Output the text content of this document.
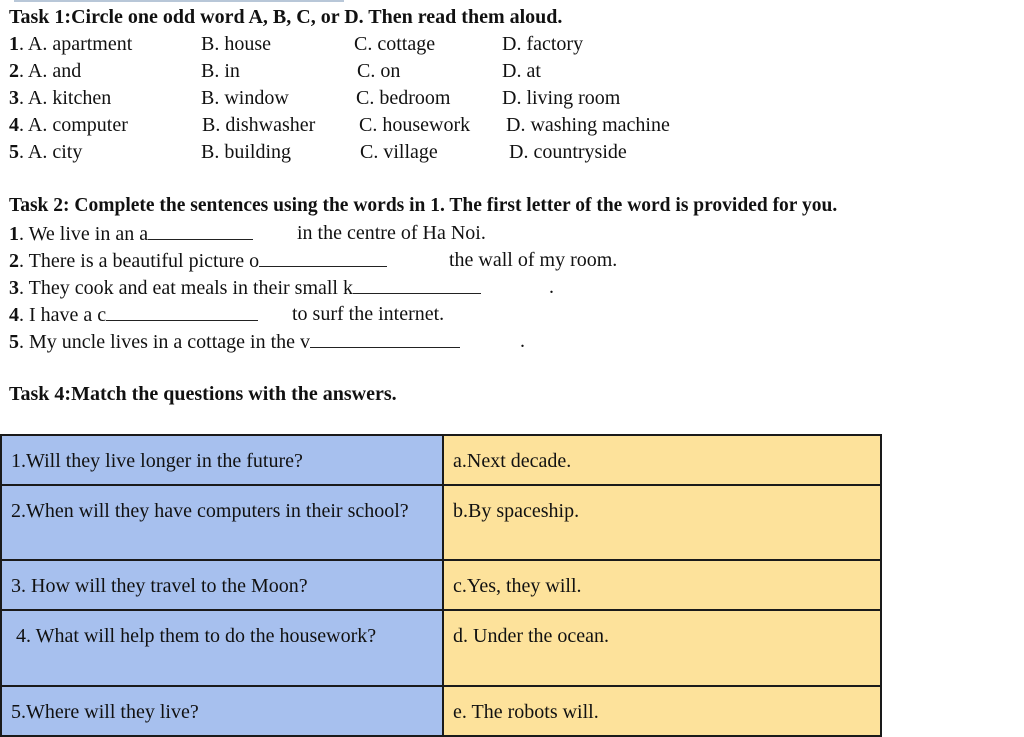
Task 1:Circle one odd word A, B, C, or D. Then read them aloud.
1. A. apartment	B. house	C. cottage	D. factory
2. A. and	B. in	C. on	D. at
3. A. kitchen	B. window	C. bedroom	D. living room
4. A. computer	B. dishwasher C. housework D. washing machine
5. A. city	B. building	C. village	D. countryside
Task 2: Complete the sentences using the words in 1. The first letter of the word is provided for you.
1. We live in an a	in the centre of Ha Noi.
2. There is a beautiful picture o	the wall of my room.
3. They cook and eat meals in their small k	.
4. I have a c	to surf the internet.
5. My uncle lives in a cottage in the v	.
Task 4:Match the questions with the answers.
1.Will they live longer in the future?	a.Next decade.
2.When will they have computers in their school?	b.By spaceship.
3. How will they travel to the Moon?	c.Yes, they will.
4. What will help them to do the housework?	d. Under the ocean.
5.Where will they live?	e. The robots will.
